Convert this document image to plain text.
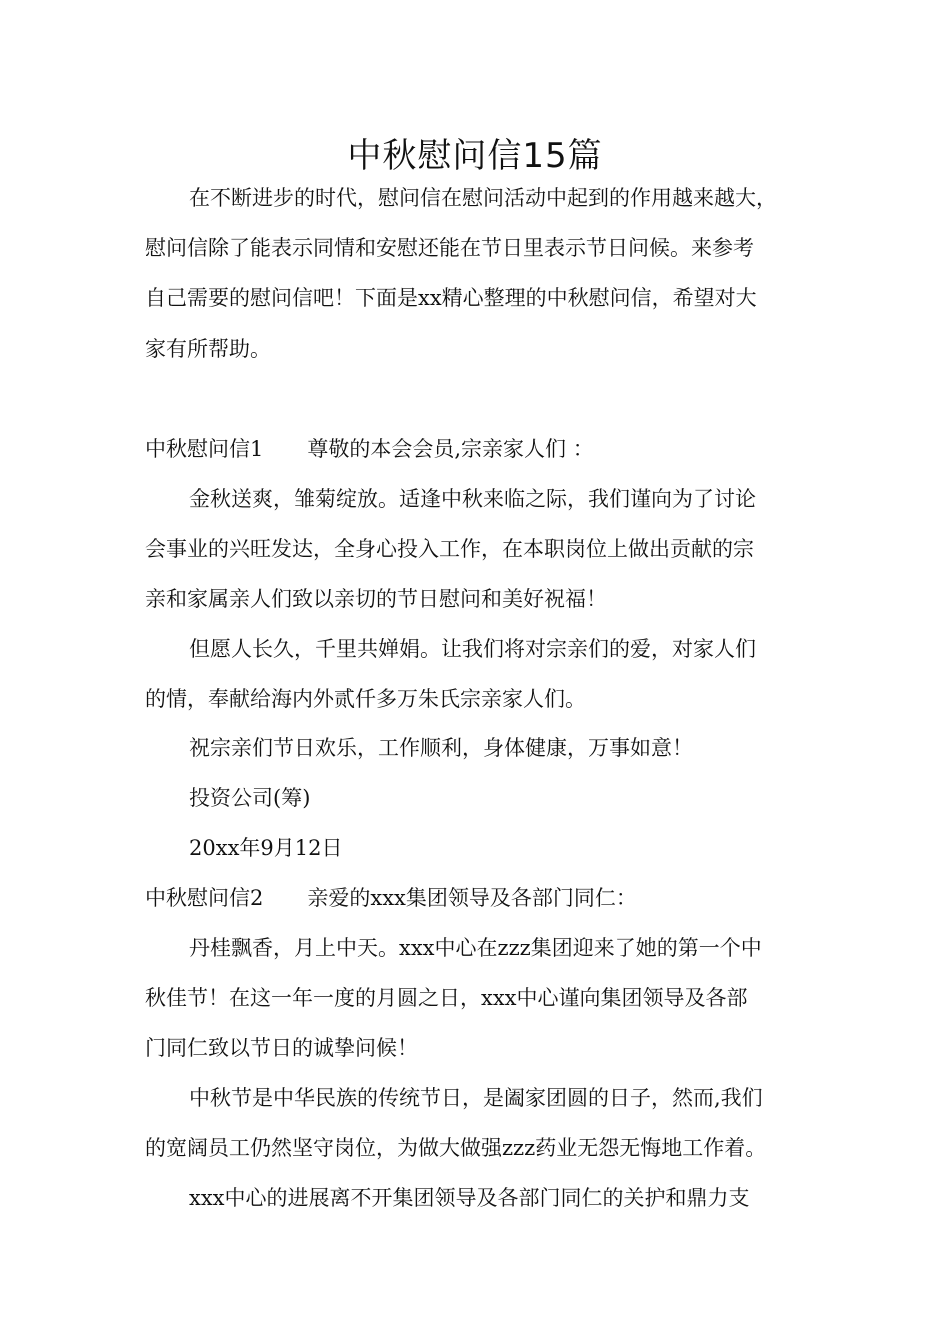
中秋慰问信15篇
在不断进步的时代，慰问信在慰问活动中起到的作用越来越大，
慰问信除了能表示同情和安慰还能在节日里表示节日问候。来参考
自己需要的慰问信吧！下面是xx精心整理的中秋慰问信，希望对大
家有所帮助。
中秋慰问信1 尊敬的本会会员,宗亲家人们 ：
金秋送爽，雏菊绽放。适逢中秋来临之际，我们谨向为了讨论
会事业的兴旺发达，全身心投入工作，在本职岗位上做出贡献的宗
亲和家属亲人们致以亲切的节日慰问和美好祝福！
但愿人长久，千里共婵娟。让我们将对宗亲们的爱，对家人们
的情，奉献给海内外贰仟多万朱氏宗亲家人们。
祝宗亲们节日欢乐，工作顺利，身体健康，万事如意！
投资公司(筹)
20xx年9月12日
中秋慰问信2 亲爱的xxx集团领导及各部门同仁：
丹桂飘香，月上中天。xxx中心在zzz集团迎来了她的第一个中
秋佳节！在这一年一度的月圆之日，xxx中心谨向集团领导及各部
门同仁致以节日的诚挚问候！
中秋节是中华民族的传统节日，是阖家团圆的日子，然而,我们
的宽阔员工仍然坚守岗位，为做大做强zzz药业无怨无悔地工作着。
xxx中心的进展离不开集团领导及各部门同仁的关护和鼎力支
